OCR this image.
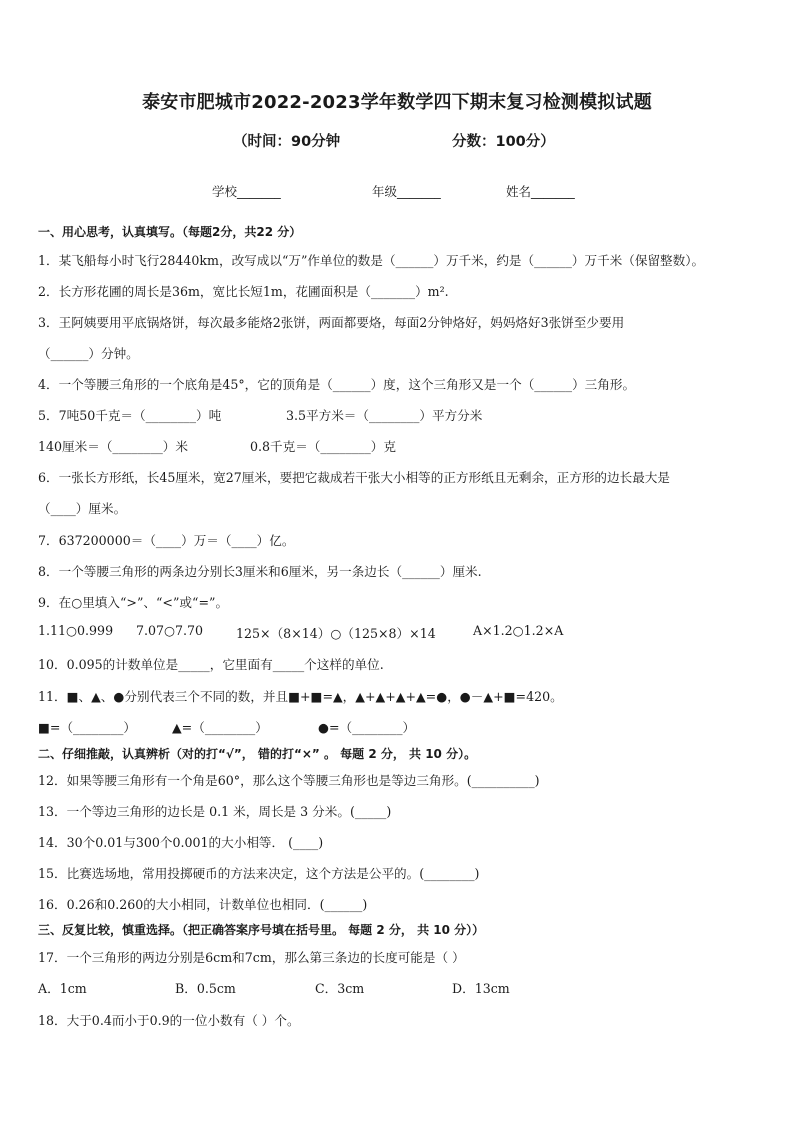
泰安市肥城市2022-2023学年数学四下期末复习检测模拟试题
（时间：90分钟	分数：100分）
学校_______	年级_______	姓名_______
一、用心思考，认真填写。（每题2分，共22 分）
1．某飞船每小时飞行28440km，改写成以“万”作单位的数是（______）万千米，约是（______）万千米（保留整数）。
2．长方形花圃的周长是36m，宽比长短1m，花圃面积是（_______）m².
3．王阿姨要用平底锅烙饼，每次最多能烙2张饼，两面都要烙，每面2分钟烙好，妈妈烙好3张饼至少要用
（______）分钟。
4．一个等腰三角形的一个底角是45°，它的顶角是（______）度，这个三角形又是一个（______）三角形。
5．7吨50千克＝（________）吨	3.5平方米＝（________）平方分米
140厘米＝（________）米	0.8千克＝（________）克
6．一张长方形纸，长45厘米，宽27厘米，要把它裁成若干张大小相等的正方形纸且无剩余，正方形的边长最大是
（____）厘米。
7．637200000＝（____）万＝（____）亿。
8．一个等腰三角形的两条边分别长3厘米和6厘米，另一条边长（______）厘米.
9．在○里填入“>”、“<”或“=”。
1.11○0.999 7.07○7.70	125×（8×14）○（125×8）×14	A×1.2○1.2×A
10．0.095的计数单位是_____，它里面有_____个这样的单位.
11．■、▲、●分别代表三个不同的数，并且■+■=▲，▲+▲+▲+▲=●，●－▲+■=420。
■=（________）	▲=（________）	●=（________）
二、仔细推敲，认真辨析（对的打“√”， 错的打“×” 。 每题 2 分， 共 10 分）。
12．如果等腰三角形有一个角是60°，那么这个等腰三角形也是等边三角形。(__________)
13．一个等边三角形的边长是 0.1 米，周长是 3 分米。(_____)
14．30个0.01与300个0.001的大小相等． (____)
15．比赛选场地，常用投掷硬币的方法来决定，这个方法是公平的。(________)
16．0.26和0.260的大小相同，计数单位也相同．(______)
三、反复比较，慎重选择。（把正确答案序号填在括号里。 每题 2 分， 共 10 分））
17．一个三角形的两边分别是6cm和7cm，那么第三条边的长度可能是（ ）
A．1cm	B．0.5cm	C．3cm	D．13cm
18．大于0.4而小于0.9的一位小数有（ ）个。
